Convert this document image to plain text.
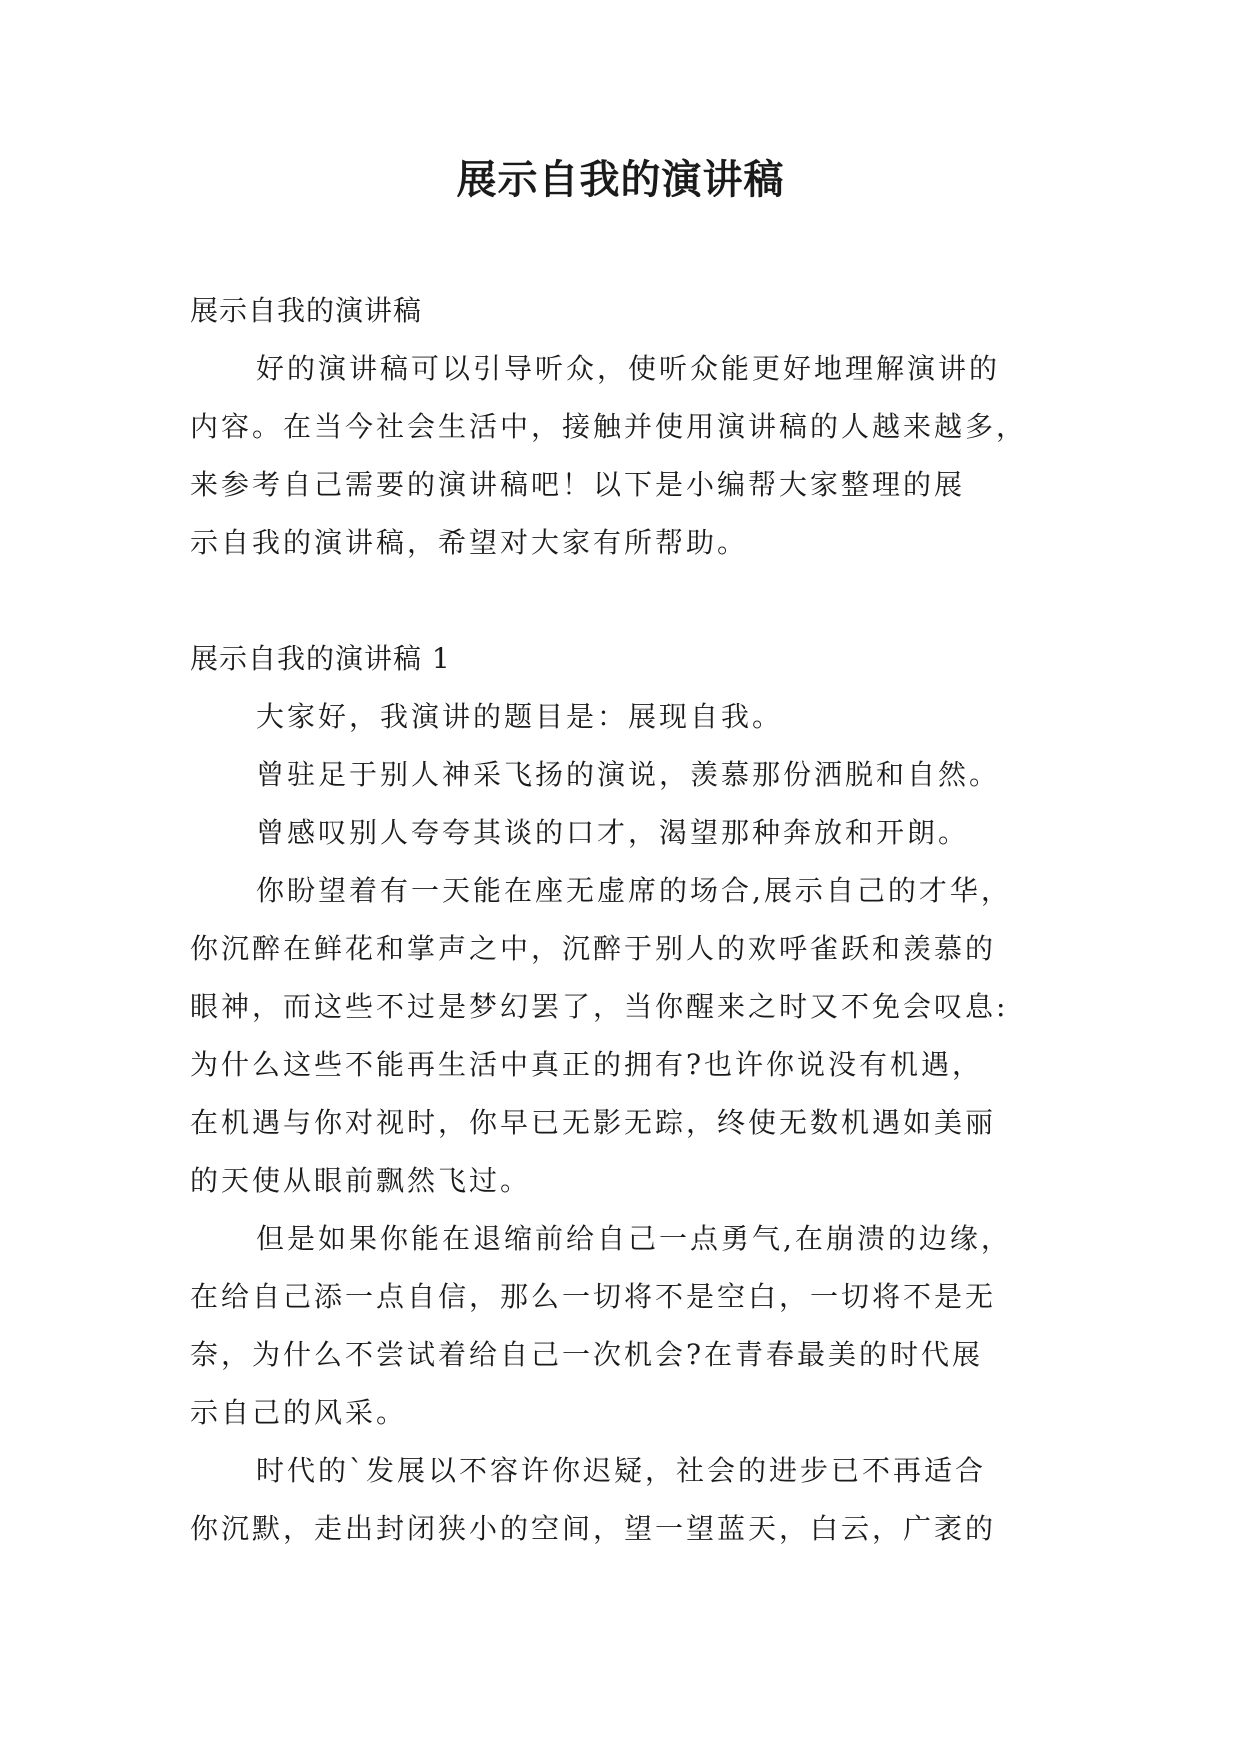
展示自我的演讲稿
展示自我的演讲稿

好的演讲稿可以引导听众，使听众能更好地理解演讲的
内容。在当今社会生活中，接触并使用演讲稿的人越来越多，
来参考自己需要的演讲稿吧！以下是小编帮大家整理的展
示自我的演讲稿，希望对大家有所帮助。

展示自我的演讲稿 1

大家好，我演讲的题目是：展现自我。

曾驻足于别人神采飞扬的演说，羡慕那份洒脱和自然。

曾感叹别人夸夸其谈的口才，渴望那种奔放和开朗。

你盼望着有一天能在座无虚席的场合,展示自己的才华，
你沉醉在鲜花和掌声之中，沉醉于别人的欢呼雀跃和羡慕的
眼神，而这些不过是梦幻罢了，当你醒来之时又不免会叹息:
为什么这些不能再生活中真正的拥有?也许你说没有机遇，
在机遇与你对视时，你早已无影无踪，终使无数机遇如美丽
的天使从眼前飘然飞过。

但是如果你能在退缩前给自己一点勇气,在崩溃的边缘，
在给自己添一点自信，那么一切将不是空白，一切将不是无
奈，为什么不尝试着给自己一次机会?在青春最美的时代展
示自己的风采。

时代的`发展以不容许你迟疑，社会的进步已不再适合
你沉默，走出封闭狭小的空间，望一望蓝天，白云，广袤的
